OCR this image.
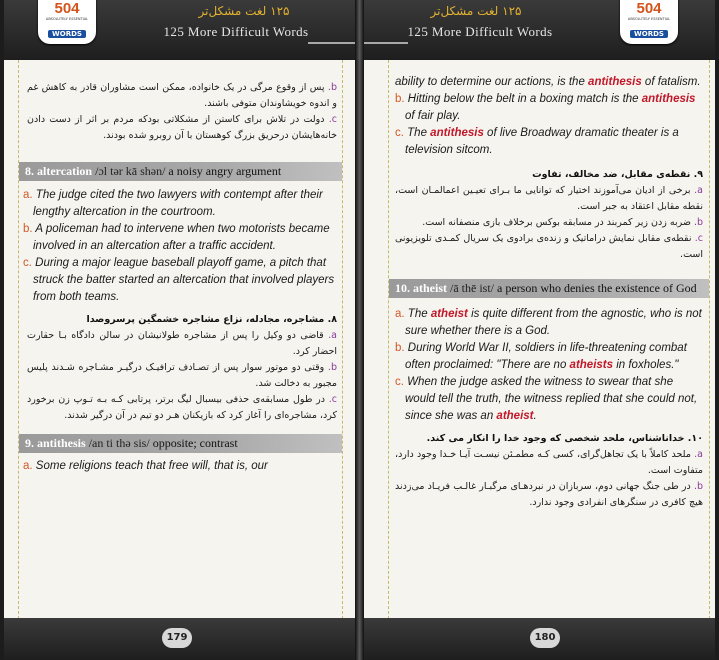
504
ABSOLUTELY ESSENTIAL
WORDS
۱۲۵ لغت مشکل‌تر
125 More Difficult Words

b. پس از وقوع مرگی در یک خانواده، ممکن است مشاوران قادر به کاهش غم و اندوه خویشاوندان متوفی باشند.

c. دولت در تلاش برای کاستن از مشکلاتی بودکه مردم بر اثر از دست دادن خانه‌هایشان درحریق بزرگ کوهستان با آن روبرو شده بودند.

8. altercation /ɔl tər kā shən/ a noisy angry argument

a. The judge cited the two lawyers with contempt after their lengthy altercation in the courtroom.

b. A policeman had to intervene when two motorists became involved in an altercation after a traffic accident.

c. During a major league baseball playoff game, a pitch that struck the batter started an altercation that involved players from both teams.

۸. مشاجره، مجادله، نزاع مشاجره خشمگین پرسروصدا

a. قاضی دو وکیل را پس از مشاجره طولانیشان در سالن دادگاه بـا حقارت احضار کرد.

b. وقتی دو موتور سوار پس از تصـادف ترافیـک درگیـر مشـاجره شـدند پلیس مجبور به دخالت شد.

c. در طول مسابقه‌ی حذفی بیسبال لیگ برتر، پرتابی کـه بـه تـوپ زن برخورد کرد، مشاجره‌ای را آغاز کرد که بازیکنان هـر دو تیم در آن درگیر شدند.

9. antithesis /an ti thə sis/ opposite; contrast

a. Some religions teach that free will, that is, our

179
۱۲۵ لغت مشکل‌تر
125 More Difficult Words
504
ABSOLUTELY ESSENTIAL
WORDS

ability to determine our actions, is the antithesis of fatalism.

b. Hitting below the belt in a boxing match is the antithesis of fair play.

c. The antithesis of live Broadway dramatic theater is a television sitcom.

۹. نقطه‌ی مقابل، ضد مخالف، تفاوت

a. برخی از ادیان می‌آموزند اختیار که توانایی ما بـرای تعیـین اعمالمـان است، نقطه مقابل اعتقاد به جبر است.

b. ضربه زدن زیر کمربند در مسابقه بوکس برخلاف بازی منصفانه است.

c. نقطه‌ی مقابل نمایش دراماتیک و زنده‌ی برادوی یک سریال کمـدی تلویزیونی است.

10. atheist /ā thē ist/ a person who denies the existence of God

a. The atheist is quite different from the agnostic, who is not sure whether there is a God.

b. During World War II, soldiers in life-threatening combat often proclaimed: "There are no atheists in foxholes."

c. When the judge asked the witness to swear that she would tell the truth, the witness replied that she could not, since she was an atheist.

۱۰. خداناشناس، ملحد شخصی که وجود خدا را انکار می کند.

a. ملحد کاملاً با یک تجاهل‌گرای، کسی کـه مطمـئن نیسـت آیـا خـدا وجود دارد، متفاوت است.

b. در طی جنگ جهانی دوم، سربازان در نبردهـای مرگبـار غالـب فریـاد می‌زدند هیچ کافری در سنگرهای انفرادی وجود ندارد.

180
